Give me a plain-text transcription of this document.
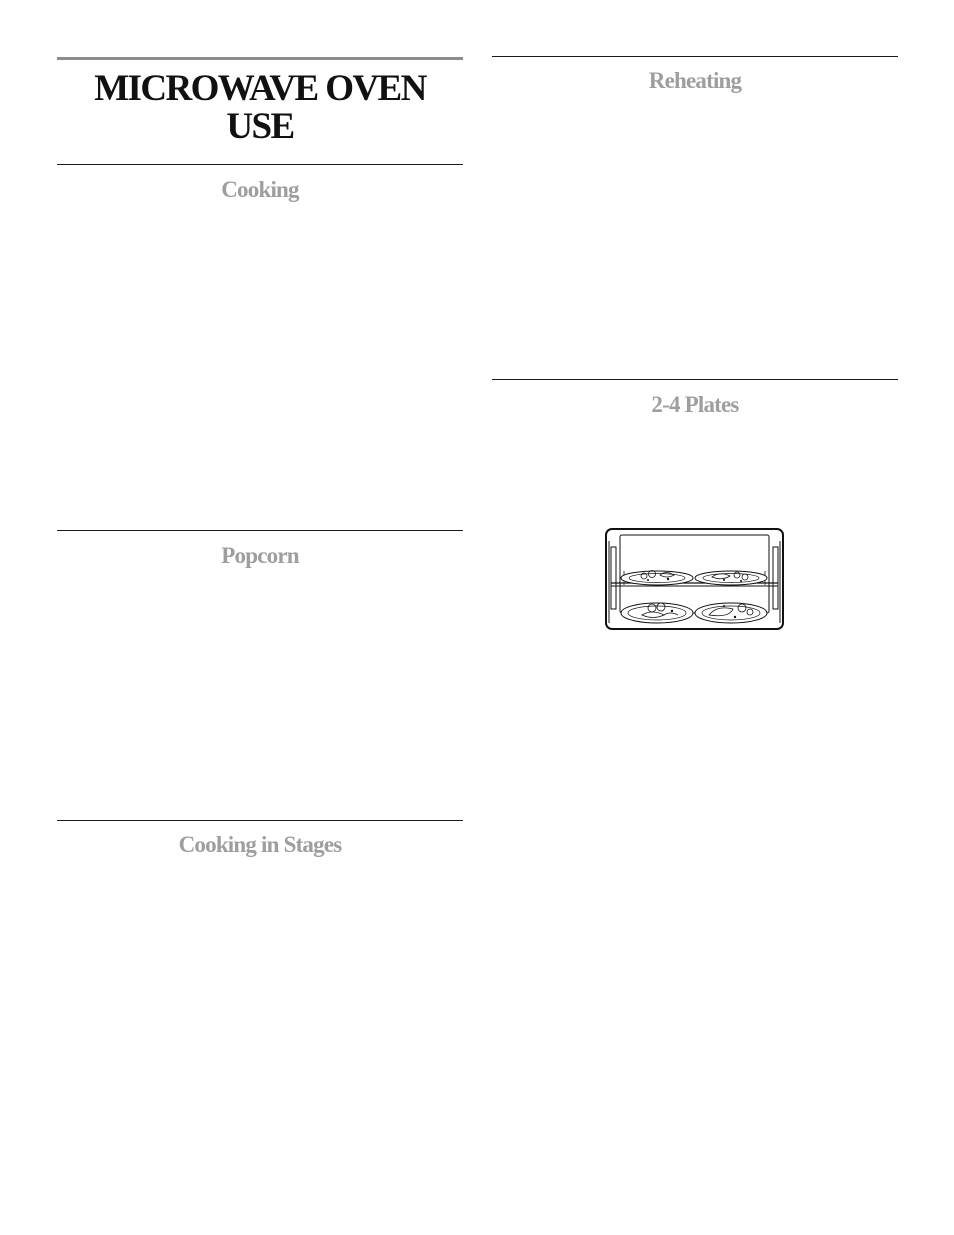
MICROWAVE OVEN USE
Cooking
Popcorn
Cooking in Stages
Reheating
2-4 Plates
